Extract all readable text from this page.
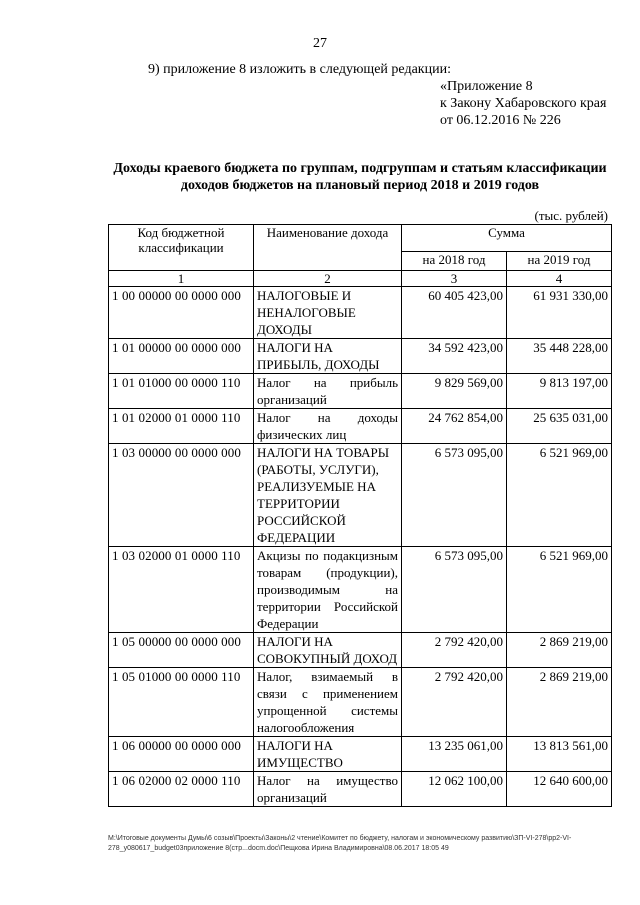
27
9) приложение 8 изложить в следующей редакции:
«Приложение 8
к Закону Хабаровского края
от 06.12.2016 № 226
Доходы краевого бюджета по группам, подгруппам и статьям классификации
доходов бюджетов на плановый период 2018 и 2019 годов
(тыс. рублей)
Код бюджетной классификации	Наименование дохода	Сумма	
		на 2018 год	на 2019 год
1	2	3	4
1 00 00000 00 0000 000	НАЛОГОВЫЕ И НЕНАЛОГОВЫЕ ДОХОДЫ	60 405 423,00	61 931 330,00
1 01 00000 00 0000 000	НАЛОГИ НА ПРИБЫЛЬ, ДОХОДЫ	34 592 423,00	35 448 228,00
1 01 01000 00 0000 110	Налог на прибыль организаций	9 829 569,00	9 813 197,00
1 01 02000 01 0000 110	Налог на доходы физических лиц	24 762 854,00	25 635 031,00
1 03 00000 00 0000 000	НАЛОГИ НА ТОВАРЫ (РАБОТЫ, УСЛУГИ), РЕАЛИЗУЕМЫЕ НА ТЕРРИТОРИИ РОССИЙСКОЙ ФЕДЕРАЦИИ	6 573 095,00	6 521 969,00
1 03 02000 01 0000 110	Акцизы по подакцизным товарам (продукции), производимым на территории Российской Федерации	6 573 095,00	6 521 969,00
1 05 00000 00 0000 000	НАЛОГИ НА СОВОКУПНЫЙ ДОХОД	2 792 420,00	2 869 219,00
1 05 01000 00 0000 110	Налог, взимаемый в связи с применением упрощенной системы налогообложения	2 792 420,00	2 869 219,00
1 06 00000 00 0000 000	НАЛОГИ НА ИМУЩЕСТВО	13 235 061,00	13 813 561,00
1 06 02000 02 0000 110	Налог на имущество организаций	12 062 100,00	12 640 600,00
M:\Итоговые документы Думы\6 созыв\Проекты\Законы\2 чтение\Комитет по бюджету, налогам и экономическому развитию\ЗП-VI-278\рр2-VI-278_у080617_budget03приложение 8(стр...docm.doc\Пещкова Ирина Владимировна\08.06.2017 18:05 49
